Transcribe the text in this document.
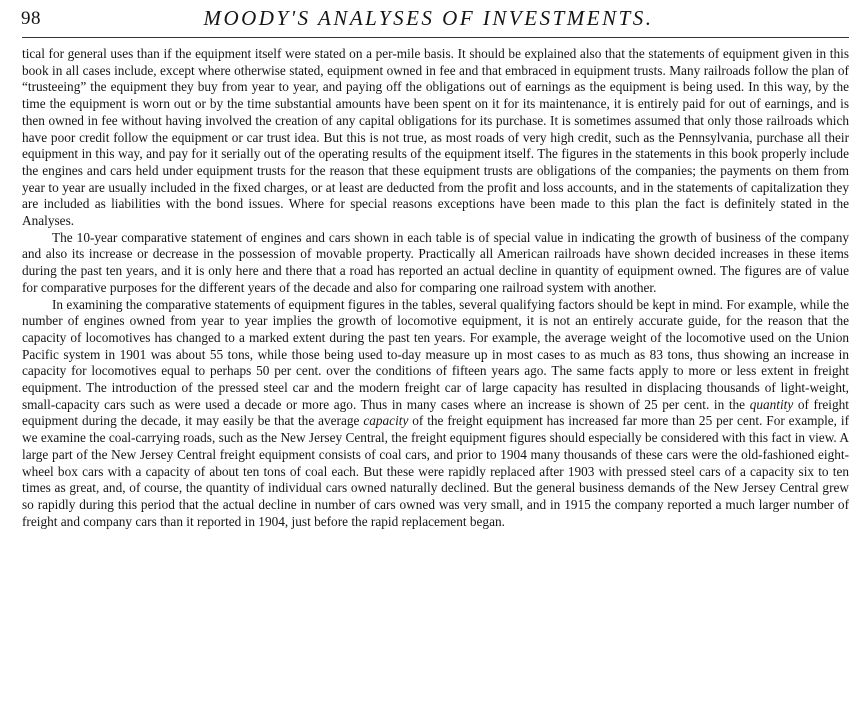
98	MOODY'S ANALYSES OF INVESTMENTS.

tical for general uses than if the equipment itself were stated on a per-mile basis. It should be explained also that the statements of equipment given in this book in all cases include, except where otherwise stated, equipment owned in fee and that embraced in equipment trusts. Many railroads follow the plan of “trusteeing” the equipment they buy from year to year, and paying off the obligations out of earnings as the equipment is being used. In this way, by the time the equipment is worn out or by the time substantial amounts have been spent on it for its maintenance, it is entirely paid for out of earnings, and is then owned in fee without having involved the creation of any capital obligations for its purchase. It is sometimes assumed that only those railroads which have poor credit follow the equipment or car trust idea. But this is not true, as most roads of very high credit, such as the Pennsylvania, purchase all their equipment in this way, and pay for it serially out of the operating results of the equipment itself. The figures in the statements in this book properly include the engines and cars held under equipment trusts for the reason that these equipment trusts are obligations of the companies; the payments on them from year to year are usually included in the fixed charges, or at least are deducted from the profit and loss accounts, and in the statements of capitalization they are included as liabilities with the bond issues. Where for special reasons exceptions have been made to this plan the fact is definitely stated in the Analyses.

The 10-year comparative statement of engines and cars shown in each table is of special value in indicating the growth of business of the company and also its increase or decrease in the possession of movable property. Practically all American railroads have shown decided increases in these items during the past ten years, and it is only here and there that a road has reported an actual decline in quantity of equipment owned. The figures are of value for comparative purposes for the different years of the decade and also for comparing one railroad system with another.

In examining the comparative statements of equipment figures in the tables, several qualifying factors should be kept in mind. For example, while the number of engines owned from year to year implies the growth of locomotive equipment, it is not an entirely accurate guide, for the reason that the capacity of locomotives has changed to a marked extent during the past ten years. For example, the average weight of the locomotive used on the Union Pacific system in 1901 was about 55 tons, while those being used to-day measure up in most cases to as much as 83 tons, thus showing an increase in capacity for locomotives equal to perhaps 50 per cent. over the conditions of fifteen years ago. The same facts apply to more or less extent in freight equipment. The introduction of the pressed steel car and the modern freight car of large capacity has resulted in displacing thousands of light-weight, small-capacity cars such as were used a decade or more ago. Thus in many cases where an increase is shown of 25 per cent. in the quantity of freight equipment during the decade, it may easily be that the average capacity of the freight equipment has increased far more than 25 per cent. For example, if we examine the coal-carrying roads, such as the New Jersey Central, the freight equipment figures should especially be considered with this fact in view. A large part of the New Jersey Central freight equipment consists of coal cars, and prior to 1904 many thousands of these cars were the old-fashioned eight-wheel box cars with a capacity of about ten tons of coal each. But these were rapidly replaced after 1903 with pressed steel cars of a capacity six to ten times as great, and, of course, the quantity of individual cars owned naturally declined. But the general business demands of the New Jersey Central grew so rapidly during this period that the actual decline in number of cars owned was very small, and in 1915 the company reported a much larger number of freight and company cars than it reported in 1904, just before the rapid replacement began.
